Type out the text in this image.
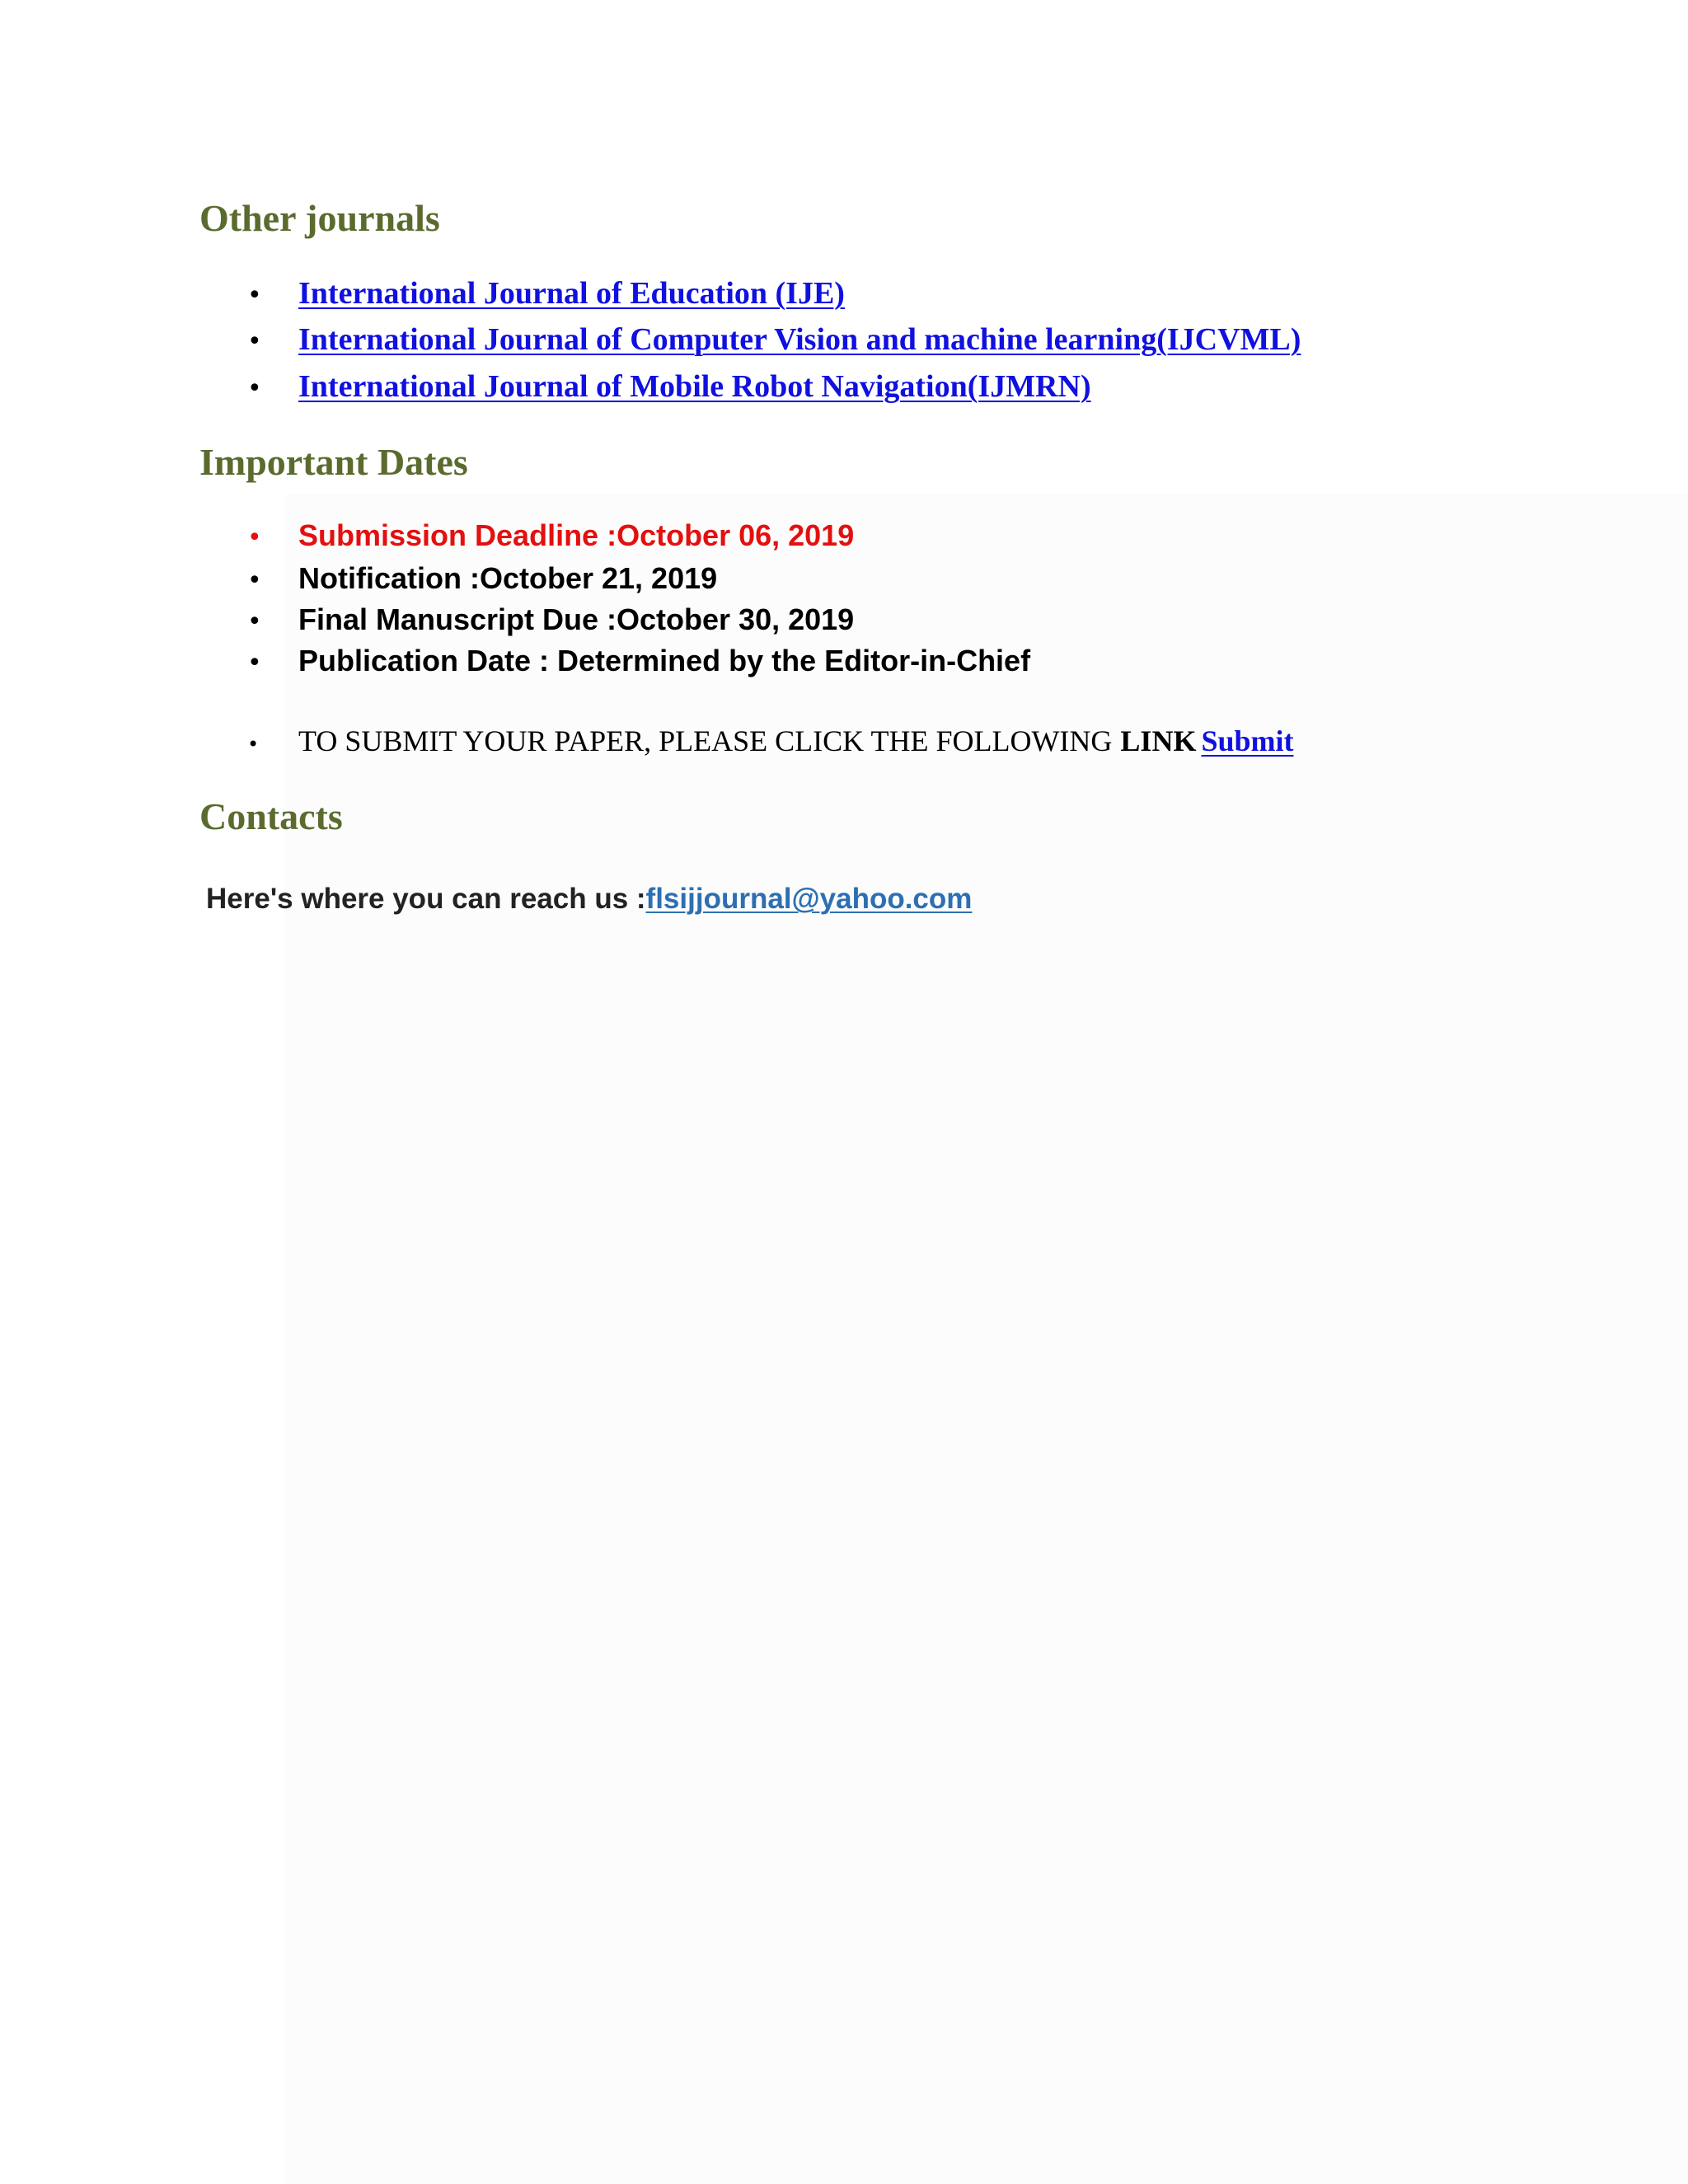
Other journals
•	International Journal of Education (IJE)
•	International Journal of Computer Vision and machine learning(IJCVML)
•	International Journal of Mobile Robot Navigation(IJMRN)
Important Dates
•	Submission Deadline :October 06, 2019
•	Notification :October 21, 2019
•	Final Manuscript Due :October 30, 2019
•	Publication Date : Determined by the Editor-in-Chief
•	TO SUBMIT YOUR PAPER, PLEASE CLICK THE FOLLOWING LINK Submit
Contacts
Here's where you can reach us :flsijjournal@yahoo.com
